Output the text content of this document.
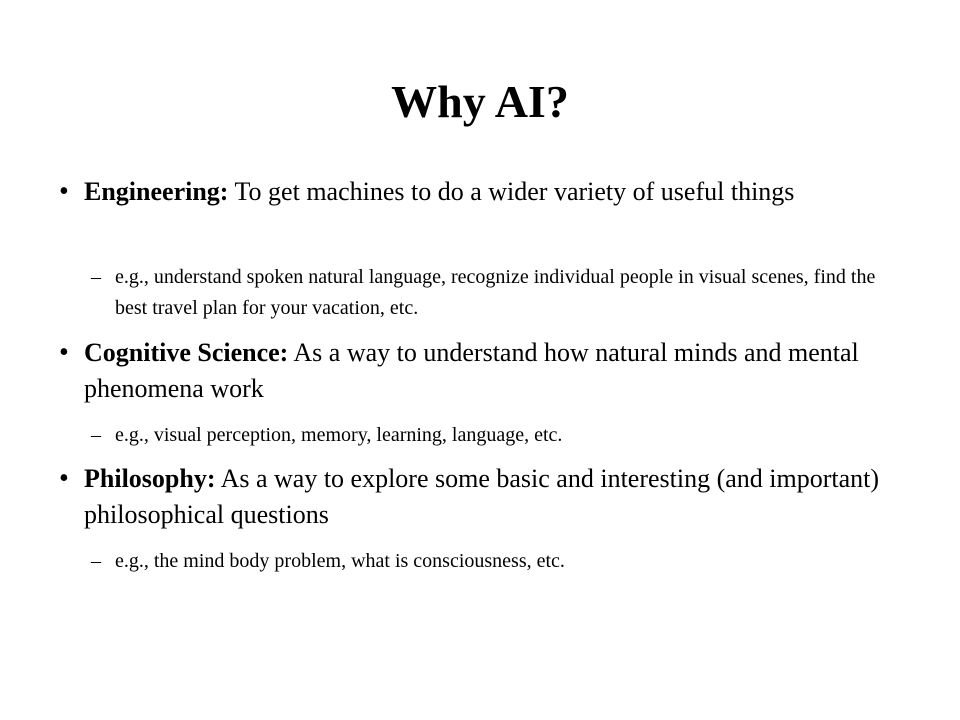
Why AI?
• Engineering: To get machines to do a wider variety of useful things
– e.g., understand spoken natural language, recognize individual people in visual scenes, find the best travel plan for your vacation, etc.
• Cognitive Science: As a way to understand how natural minds and mental phenomena work
– e.g., visual perception, memory, learning, language, etc.
• Philosophy: As a way to explore some basic and interesting (and important) philosophical questions
– e.g., the mind body problem, what is consciousness, etc.
